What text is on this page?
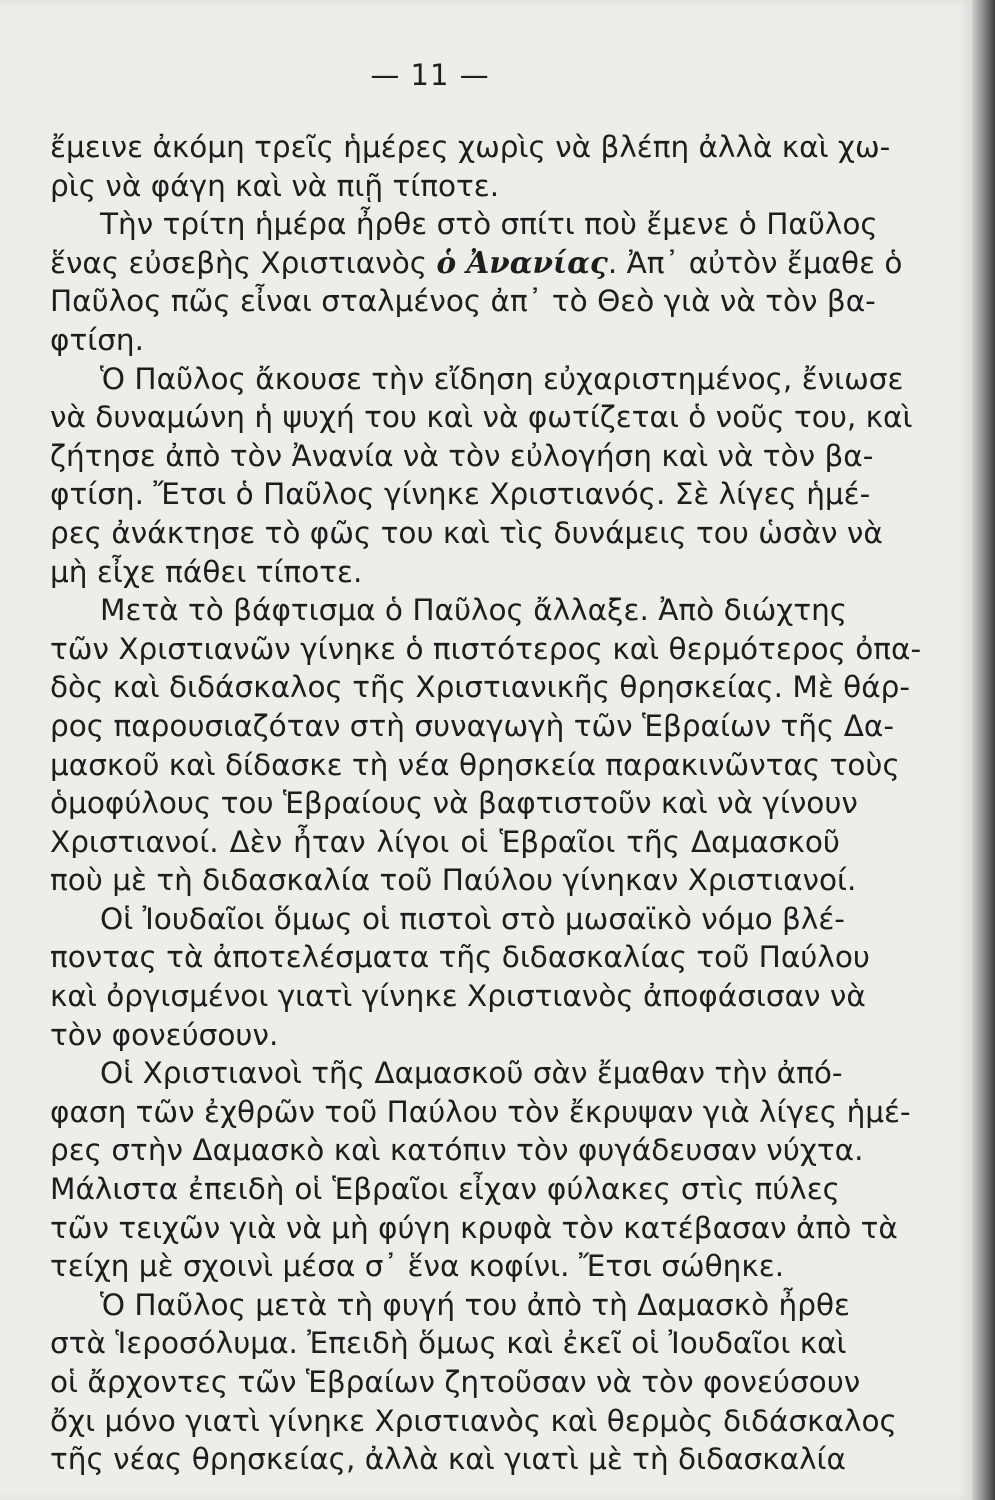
— 11 —
ἔμεινε ἀκόμη τρεῖς ἡμέρες χωρὶς νὰ βλέπη ἀλλὰ καὶ χω-
ρὶς νὰ φάγη καὶ νὰ πιῇ τίποτε.
Τὴν τρίτη ἡμέρα ἦρθε στὸ σπίτι ποὺ ἔμενε ὁ Παῦλος
ἕνας εὐσεβὴς Χριστιανὸς ὁ Ἀνανίας. Ἀπ᾽ αὐτὸν ἔμαθε ὁ
Παῦλος πῶς εἶναι σταλμένος ἀπ᾽ τὸ Θεὸ γιὰ νὰ τὸν βα-
φτίση.
Ὁ Παῦλος ἄκουσε τὴν εἴδηση εὐχαριστημένος, ἔνιωσε
νὰ δυναμώνη ἡ ψυχή του καὶ νὰ φωτίζεται ὁ νοῦς του, καὶ
ζήτησε ἀπὸ τὸν Ἀνανία νὰ τὸν εὐλογήση καὶ νὰ τὸν βα-
φτίση. Ἔτσι ὁ Παῦλος γίνηκε Χριστιανός. Σὲ λίγες ἡμέ-
ρες ἀνάκτησε τὸ φῶς του καὶ τὶς δυνάμεις του ὡσὰν νὰ
μὴ εἶχε πάθει τίποτε.
Μετὰ τὸ βάφτισμα ὁ Παῦλος ἄλλαξε. Ἀπὸ διώχτης
τῶν Χριστιανῶν γίνηκε ὁ πιστότερος καὶ θερμότερος ὀπα-
δὸς καὶ διδάσκαλος τῆς Χριστιανικῆς θρησκείας. Μὲ θάρ-
ρος παρουσιαζόταν στὴ συναγωγὴ τῶν Ἑβραίων τῆς Δα-
μασκοῦ καὶ δίδασκε τὴ νέα θρησκεία παρακινῶντας τοὺς
ὁμοφύλους του Ἑβραίους νὰ βαφτιστοῦν καὶ νὰ γίνουν
Χριστιανοί. Δὲν ἦταν λίγοι οἱ Ἑβραῖοι τῆς Δαμασκοῦ
ποὺ μὲ τὴ διδασκαλία τοῦ Παύλου γίνηκαν Χριστιανοί.
Οἱ Ἰουδαῖοι ὅμως οἱ πιστοὶ στὸ μωσαϊκὸ νόμο βλέ-
ποντας τὰ ἀποτελέσματα τῆς διδασκαλίας τοῦ Παύλου
καὶ ὀργισμένοι γιατὶ γίνηκε Χριστιανὸς ἀποφάσισαν νὰ
τὸν φονεύσουν.
Οἱ Χριστιανοὶ τῆς Δαμασκοῦ σὰν ἔμαθαν τὴν ἀπό-
φαση τῶν ἐχθρῶν τοῦ Παύλου τὸν ἔκρυψαν γιὰ λίγες ἡμέ-
ρες στὴν Δαμασκὸ καὶ κατόπιν τὸν φυγάδευσαν νύχτα.
Μάλιστα ἐπειδὴ οἱ Ἑβραῖοι εἶχαν φύλακες στὶς πύλες
τῶν τειχῶν γιὰ νὰ μὴ φύγη κρυφὰ τὸν κατέβασαν ἀπὸ τὰ
τείχη μὲ σχοινὶ μέσα σ᾽ ἕνα κοφίνι. Ἔτσι σώθηκε.
Ὁ Παῦλος μετὰ τὴ φυγή του ἀπὸ τὴ Δαμασκὸ ἦρθε
στὰ Ἱεροσόλυμα. Ἐπειδὴ ὅμως καὶ ἐκεῖ οἱ Ἰουδαῖοι καὶ
οἱ ἄρχοντες τῶν Ἑβραίων ζητοῦσαν νὰ τὸν φονεύσουν
ὄχι μόνο γιατὶ γίνηκε Χριστιανὸς καὶ θερμὸς διδάσκαλος
τῆς νέας θρησκείας, ἀλλὰ καὶ γιατὶ μὲ τὴ διδασκαλία
